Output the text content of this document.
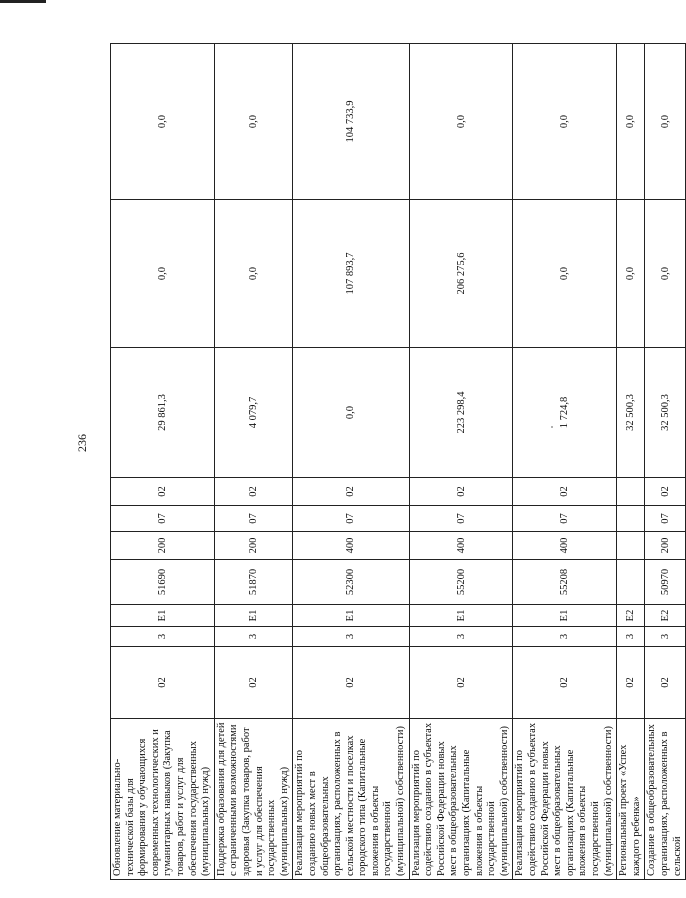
236
Обновление материально-технической базы для формирования у обучающихся современных технологических и гуманитарных навыков (Закупка товаров, работ и услуг для обеспечения государственных (муниципальных) нужд)	02	3	E1	51690	200	07	02	29 861,3	0,0	0,0
Поддержка образования для детей с ограниченными возможностями здоровья (Закупка товаров, работ и услуг для обеспечения государственных (муниципальных) нужд)	02	3	E1	51870	200	07	02	4 079,7	0,0	0,0
Реализация мероприятий по созданию новых мест в общеобразовательных организациях, расположенных в сельской местности и поселках городского типа (Капитальные вложения в объекты государственной (муниципальной) собственности)	02	3	E1	52300	400	07	02	0,0	107 893,7	104 733,9
Реализация мероприятий по содействию созданию в субъектах Российской Федерации новых мест в общеобразовательных организациях (Капитальные вложения в объекты государственной (муниципальной) собственности)	02	3	E1	55200	400	07	02	223 298,4	206 275,6	0,0
Реализация мероприятий по содействию созданию в субъектах Российской Федерации новых мест в общеобразовательных организациях (Капитальные вложения в объекты государственной (муниципальной) собственности)	02	3	E1	55208	400	07	02	1 724,8	0,0	0,0
Региональный проект «Успех каждого ребенка»	02	3	E2					32 500,3	0,0	0,0
Создание в общеобразовательных организациях, расположенных в сельской	02	3	E2	50970	200	07	02	32 500,3	0,0	0,0
